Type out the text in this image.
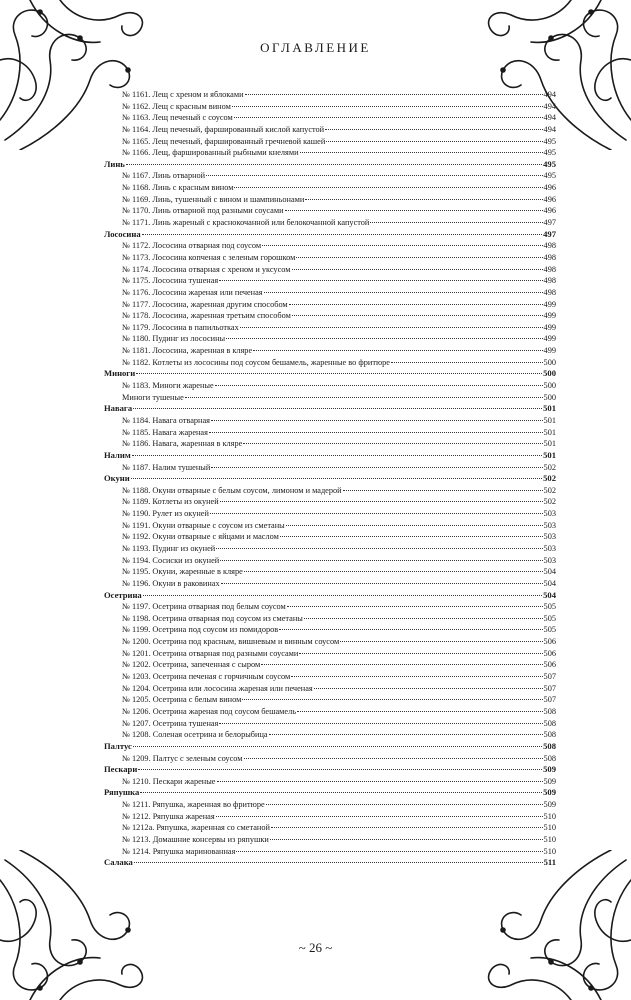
ОГЛАВЛЕНИЕ
№ 1161. Лещ с хреном и яблоками	494
№ 1162. Лещ с красным вином	494
№ 1163. Лещ печеный с соусом	494
№ 1164. Лещ печеный, фаршированный кислой капустой	494
№ 1165. Лещ печеный, фаршированный гречневой кашей	495
№ 1166. Лещ, фаршированный рыбными кнелями	495
Линь	495
№ 1167. Линь отварной	495
№ 1168. Линь с красным вином	496
№ 1169. Линь, тушенный с вином и шампиньонами	496
№ 1170. Линь отварной под разными соусами	496
№ 1171. Линь жареный с краснокочанной или белокочанной капустой	497
Лососина	497
№ 1172. Лососина отварная под соусом	498
№ 1173. Лососина копченая с зеленым горошком	498
№ 1174. Лососина отварная с хреном и уксусом	498
№ 1175. Лососина тушеная	498
№ 1176. Лососина жареная или печеная	498
№ 1177. Лососина, жаренная другим способом	499
№ 1178. Лососина, жаренная третьим способом	499
№ 1179. Лососина в папильотках	499
№ 1180. Пудинг из лососины	499
№ 1181. Лососина, жаренная в кляре	499
№ 1182. Котлеты из лососины под соусом бешамель, жаренные во фритюре	500
Миноги	500
№ 1183. Миноги жареные	500
Миноги тушеные	500
Навага	501
№ 1184. Навага отварная	501
№ 1185. Навага жареная	501
№ 1186. Навага, жаренная в кляре	501
Налим	501
№ 1187. Налим тушеный	502
Окуни	502
№ 1188. Окуни отварные с белым соусом, лимоном и мадерой	502
№ 1189. Котлеты из окуней	502
№ 1190. Рулет из окуней	503
№ 1191. Окуни отварные с соусом из сметаны	503
№ 1192. Окуни отварные с яйцами и маслом	503
№ 1193. Пудинг из окуней	503
№ 1194. Сосиски из окуней	503
№ 1195. Окуни, жаренные в кляре	504
№ 1196. Окуни в раковинах	504
Осетрина	504
№ 1197. Осетрина отварная под белым соусом	505
№ 1198. Осетрина отварная под соусом из сметаны	505
№ 1199. Осетрина под соусом из помидоров	505
№ 1200. Осетрина под красным, вишневым и винным соусом	506
№ 1201. Осетрина отварная под разными соусами	506
№ 1202. Осетрина, запеченная с сыром	506
№ 1203. Осетрина печеная с горчичным соусом	507
№ 1204. Осетрина или лососина жареная или печеная	507
№ 1205. Осетрина с белым вином	507
№ 1206. Осетрина жареная под соусом бешамель	508
№ 1207. Осетрина тушеная	508
№ 1208. Соленая осетрина и белорыбица	508
Палтус	508
№ 1209. Палтус с зеленым соусом	508
Пескари	509
№ 1210. Пескари жареные	509
Ряпушка	509
№ 1211. Ряпушка, жаренная во фритюре	509
№ 1212. Ряпушка жареная	510
№ 1212а. Ряпушка, жаренная со сметаной	510
№ 1213. Домашние консервы из ряпушки	510
№ 1214. Ряпушка маринованная	510
Салака	511
~ 26 ~
